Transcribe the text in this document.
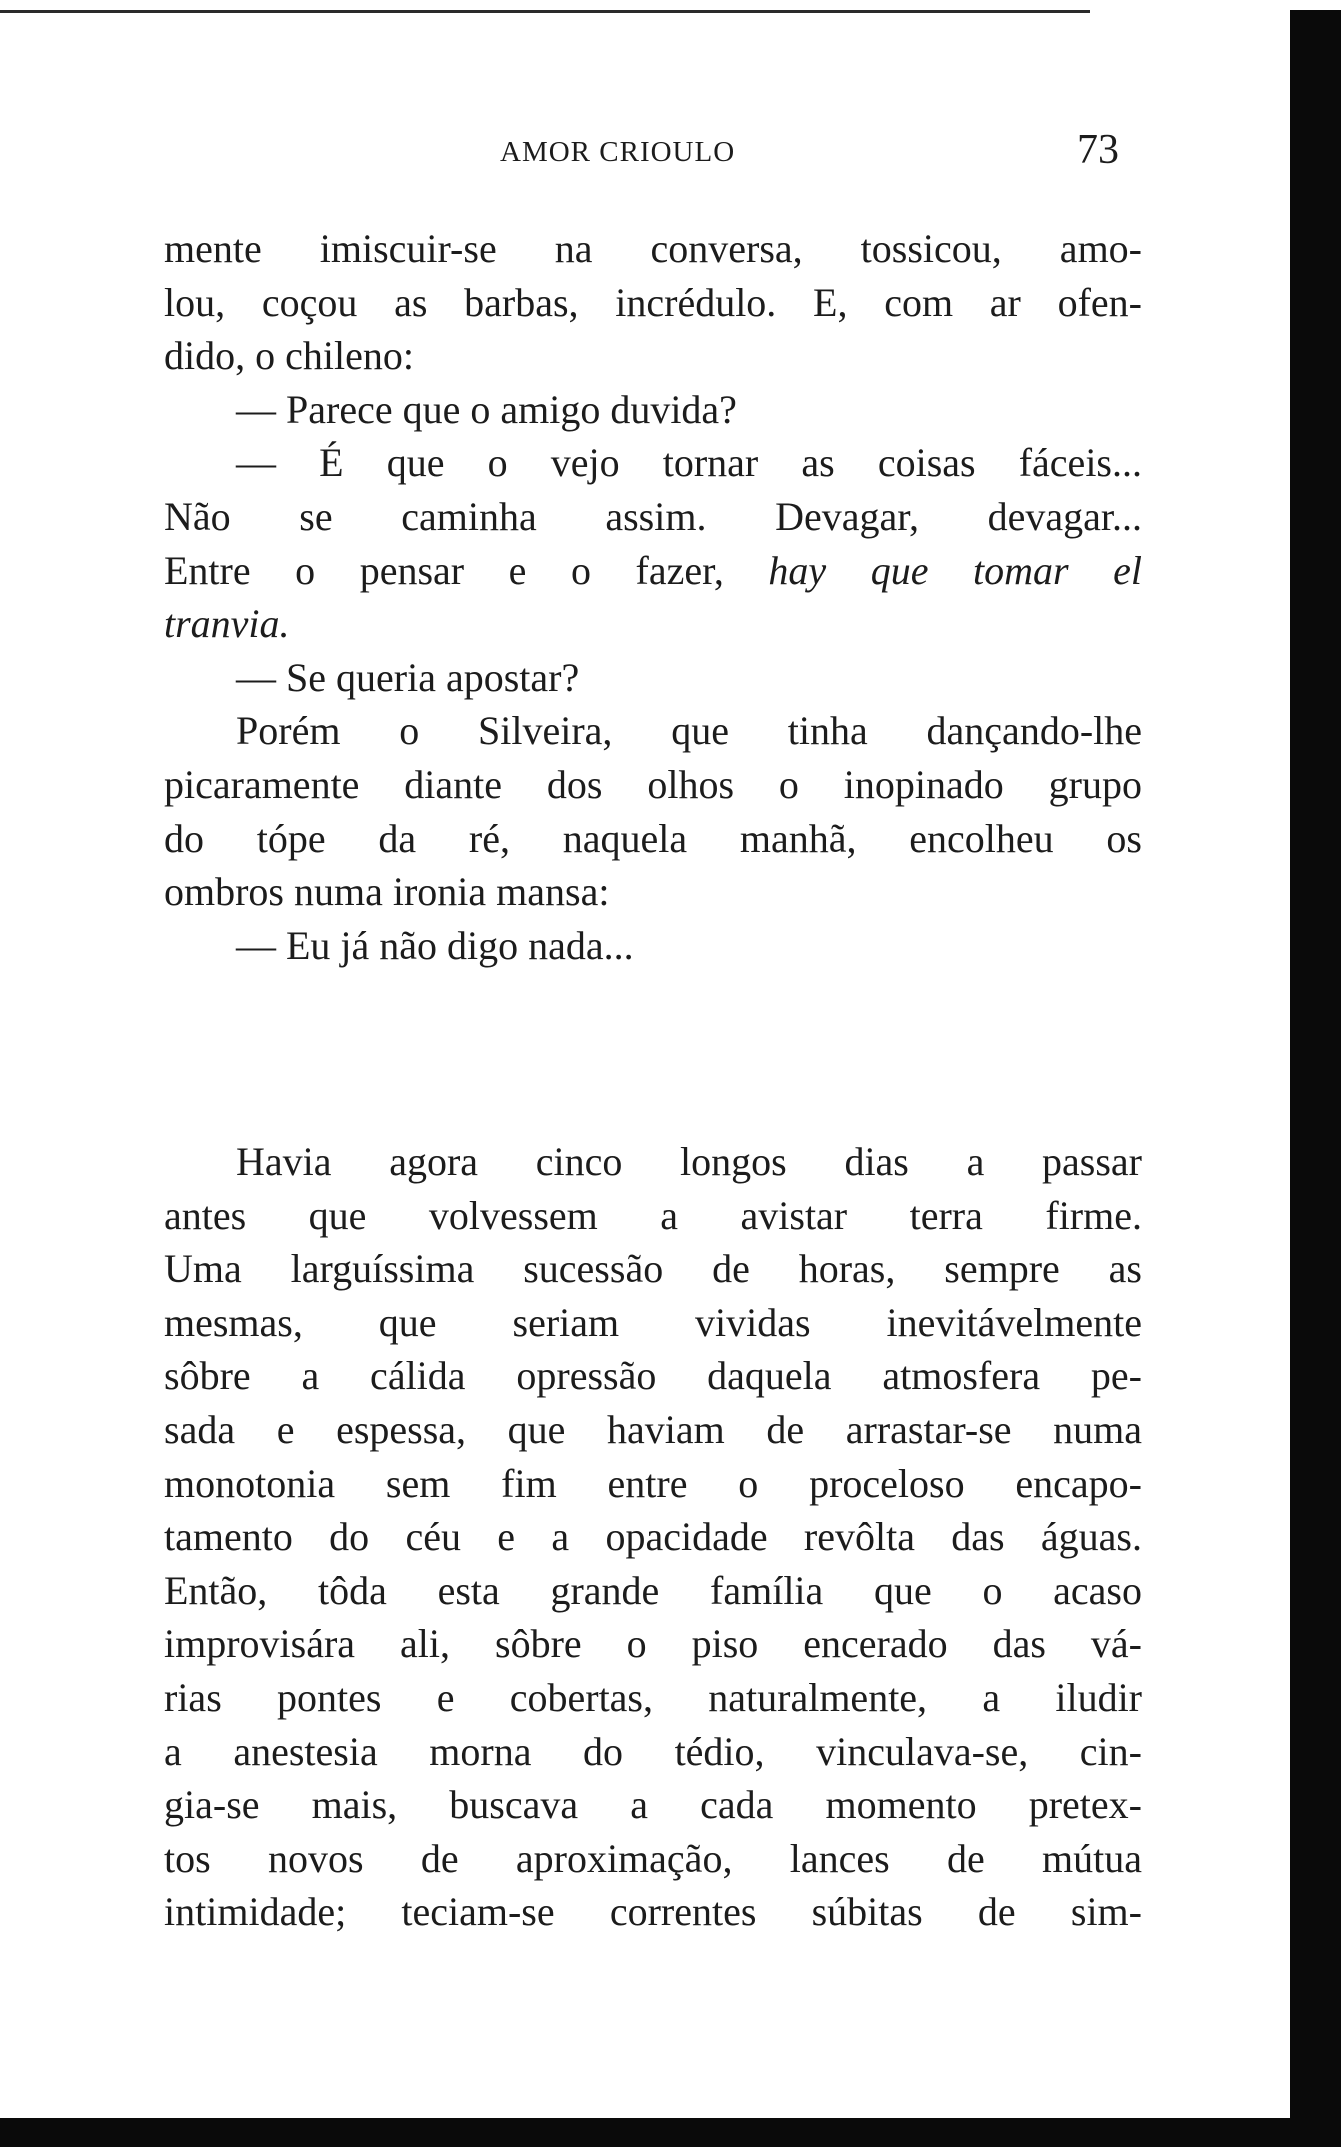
AMOR CRIOULO	73
mente imiscuir-se na conversa, tossicou, amo-
lou, coçou as barbas, incrédulo. E, com ar ofen-
dido, o chileno:
— Parece que o amigo duvida?
— É que o vejo tornar as coisas fáceis...
Não se caminha assim. Devagar, devagar...
Entre o pensar e o fazer, hay que tomar el
tranvia.
— Se queria apostar?
Porém o Silveira, que tinha dançando-lhe
picaramente diante dos olhos o inopinado grupo
do tópe da ré, naquela manhã, encolheu os
ombros numa ironia mansa:
— Eu já não digo nada...
Havia agora cinco longos dias a passar
antes que volvessem a avistar terra firme.
Uma larguíssima sucessão de horas, sempre as
mesmas, que seriam vividas inevitávelmente
sôbre a cálida opressão daquela atmosfera pe-
sada e espessa, que haviam de arrastar-se numa
monotonia sem fim entre o proceloso encapo-
tamento do céu e a opacidade revôlta das águas.
Então, tôda esta grande família que o acaso
improvisára ali, sôbre o piso encerado das vá-
rias pontes e cobertas, naturalmente, a iludir
a anestesia morna do tédio, vinculava-se, cin-
gia-se mais, buscava a cada momento pretex-
tos novos de aproximação, lances de mútua
intimidade; teciam-se correntes súbitas de sim-
